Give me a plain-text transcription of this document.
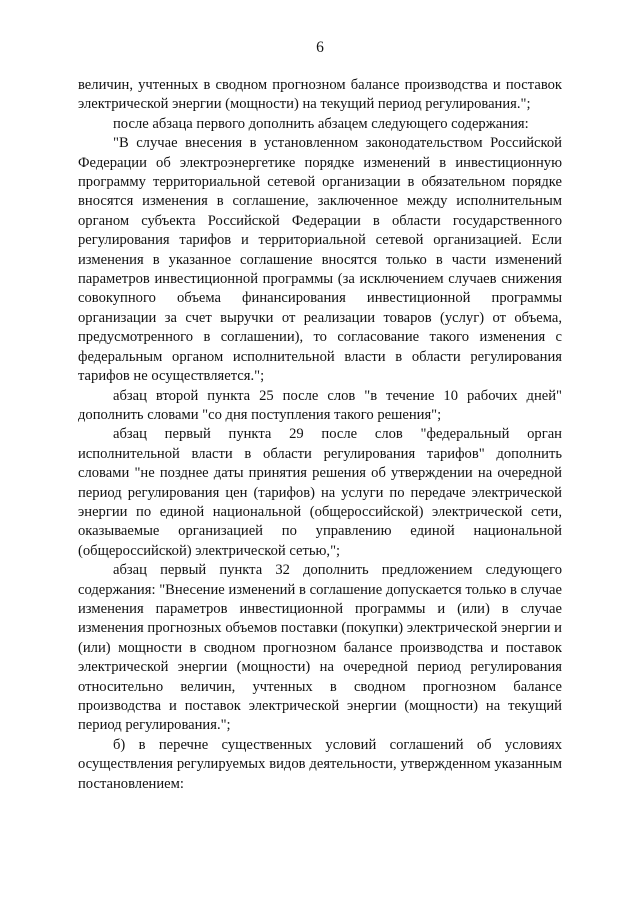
6

величин, учтенных в сводном прогнозном балансе производства и поставок электрической энергии (мощности) на текущий период регулирования.";

после абзаца первого дополнить абзацем следующего содержания:

"В случае внесения в установленном законодательством Российской Федерации об электроэнергетике порядке изменений в инвестиционную программу территориальной сетевой организации в обязательном порядке вносятся изменения в соглашение, заключенное между исполнительным органом субъекта Российской Федерации в области государственного регулирования тарифов и территориальной сетевой организацией. Если изменения в указанное соглашение вносятся только в части изменений параметров инвестиционной программы (за исключением случаев снижения совокупного объема финансирования инвестиционной программы организации за счет выручки от реализации товаров (услуг) от объема, предусмотренного в соглашении), то согласование такого изменения с федеральным органом исполнительной власти в области регулирования тарифов не осуществляется.";

абзац второй пункта 25 после слов "в течение 10 рабочих дней" дополнить словами "со дня поступления такого решения";

абзац первый пункта 29 после слов "федеральный орган исполнительной власти в области регулирования тарифов" дополнить словами "не позднее даты принятия решения об утверждении на очередной период регулирования цен (тарифов) на услуги по передаче электрической энергии по единой национальной (общероссийской) электрической сети, оказываемые организацией по управлению единой национальной (общероссийской) электрической сетью,";

абзац первый пункта 32 дополнить предложением следующего содержания: "Внесение изменений в соглашение допускается только в случае изменения параметров инвестиционной программы и (или) в случае изменения прогнозных объемов поставки (покупки) электрической энергии и (или) мощности в сводном прогнозном балансе производства и поставок электрической энергии (мощности) на очередной период регулирования относительно величин, учтенных в сводном прогнозном балансе производства и поставок электрической энергии (мощности) на текущий период регулирования.";

б) в перечне существенных условий соглашений об условиях осуществления регулируемых видов деятельности, утвержденном указанным постановлением:
